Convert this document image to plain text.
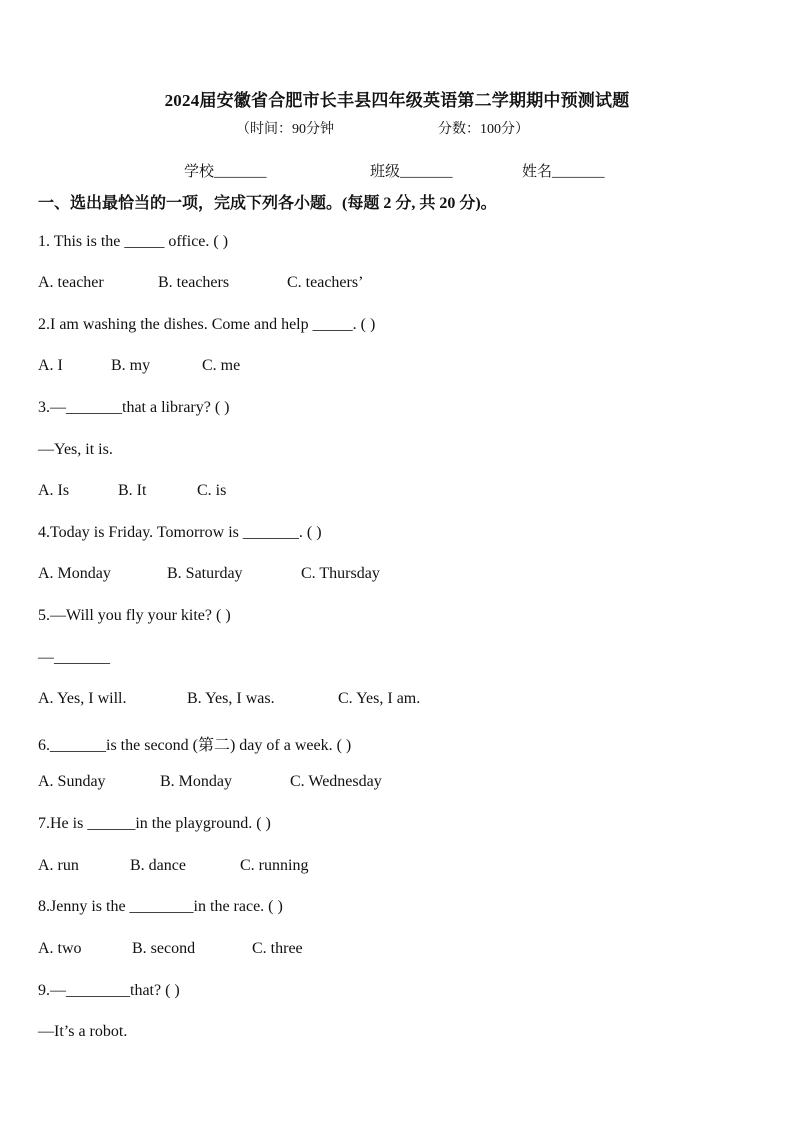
2024届安徽省合肥市长丰县四年级英语第二学期期中预测试题
（时间：90分钟	分数：100分）
学校_______	班级_______	姓名_______
一、选出最恰当的一项，完成下列各小题。(每题 2 分, 共 20 分)。
1. This is the _____ office. ( )
A. teacher	B. teachers	C. teachers’
2.I am washing the dishes. Come and help _____. ( )
A. I	B. my	C. me
3.—_______that a library? ( )
—Yes, it is.
A. Is	B. It	C. is
4.Today is Friday. Tomorrow is _______. ( )
A. Monday	B. Saturday	C. Thursday
5.—Will you fly your kite? ( )
—_______
A. Yes, I will.	B. Yes, I was.	C. Yes, I am.
6._______is the second (第二) day of a week. ( )
A. Sunday	B. Monday	C. Wednesday
7.He is ______in the playground. ( )
A. run	B. dance	C. running
8.Jenny is the ________in the race. ( )
A. two	B. second	C. three
9.—________that? ( )
—It’s a robot.
